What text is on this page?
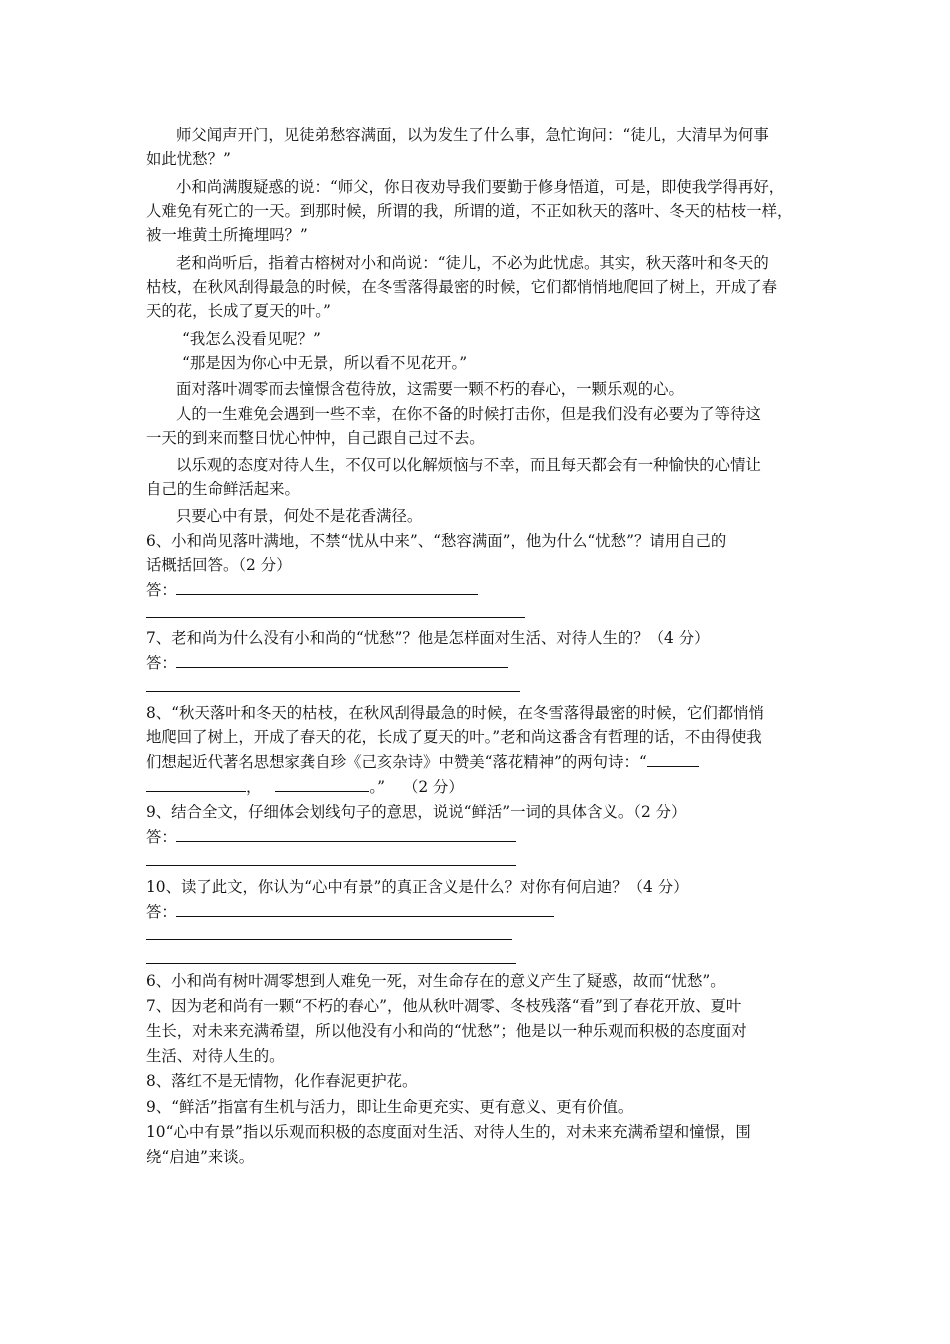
师父闻声开门，见徒弟愁容满面，以为发生了什么事，急忙询问：“徒儿，大清早为何事
如此忧愁？”
小和尚满腹疑惑的说：“师父，你日夜劝导我们要勤于修身悟道，可是，即使我学得再好，
人难免有死亡的一天。到那时候，所谓的我，所谓的道，不正如秋天的落叶、冬天的枯枝一样，
被一堆黄土所掩埋吗？”
老和尚听后，指着古榕树对小和尚说：“徒儿，不必为此忧虑。其实，秋天落叶和冬天的
枯枝，在秋风刮得最急的时候，在冬雪落得最密的时候，它们都悄悄地爬回了树上，开成了春
天的花，长成了夏天的叶。”
“我怎么没看见呢？”
“那是因为你心中无景，所以看不见花开。”
面对落叶凋零而去憧憬含苞待放，这需要一颗不朽的春心，一颗乐观的心。
人的一生难免会遇到一些不幸，在你不备的时候打击你，但是我们没有必要为了等待这
一天的到来而整日忧心忡忡，自己跟自己过不去。
以乐观的态度对待人生，不仅可以化解烦恼与不幸，而且每天都会有一种愉快的心情让
自己的生命鲜活起来。
只要心中有景，何处不是花香满径。
6、小和尚见落叶满地，不禁“忧从中来”、“愁容满面”，他为什么“忧愁”？请用自己的
话概括回答。（2 分）
答：
7、老和尚为什么没有小和尚的“忧愁”？他是怎样面对生活、对待人生的？（4 分）
答：
8、“秋天落叶和冬天的枯枝，在秋风刮得最急的时候，在冬雪落得最密的时候，它们都悄悄
地爬回了树上，开成了春天的花，长成了夏天的叶。”老和尚这番含有哲理的话，不由得使我
们想起近代著名思想家龚自珍《己亥杂诗》中赞美“落花精神”的两句诗：“
，	。” （2 分）
9、结合全文，仔细体会划线句子的意思，说说“鲜活”一词的具体含义。（2 分）
答：
10、读了此文，你认为“心中有景”的真正含义是什么？对你有何启迪？（4 分）
答：
6、小和尚有树叶凋零想到人难免一死，对生命存在的意义产生了疑惑，故而“忧愁”。
7、因为老和尚有一颗“不朽的春心”，他从秋叶凋零、冬枝残落“看”到了春花开放、夏叶
生长，对未来充满希望，所以他没有小和尚的“忧愁”；他是以一种乐观而积极的态度面对
生活、对待人生的。
8、落红不是无情物，化作春泥更护花。
9、“鲜活”指富有生机与活力，即让生命更充实、更有意义、更有价值。
10“心中有景”指以乐观而积极的态度面对生活、对待人生的，对未来充满希望和憧憬，围
绕“启迪”来谈。
